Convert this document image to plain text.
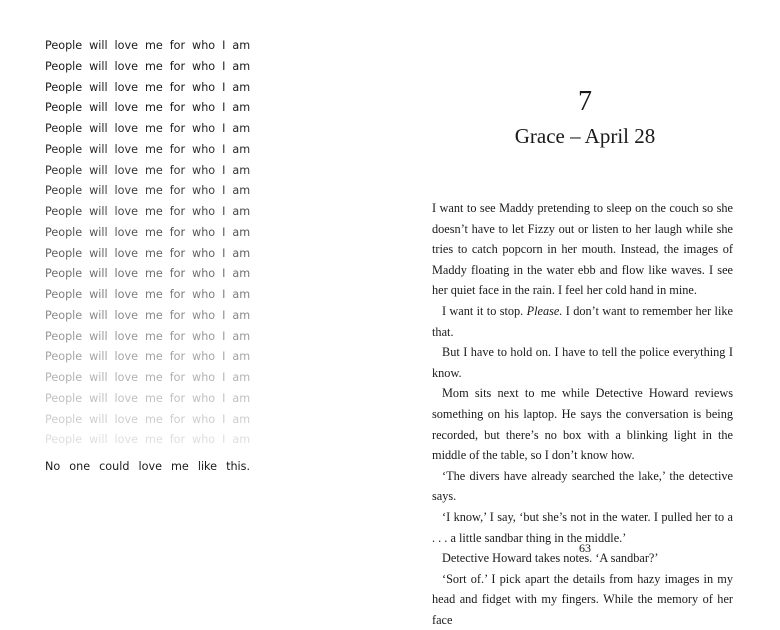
People will love me for who I am
People will love me for who I am
People will love me for who I am
People will love me for who I am
People will love me for who I am
People will love me for who I am
People will love me for who I am
People will love me for who I am
People will love me for who I am
People will love me for who I am
People will love me for who I am
People will love me for who I am
People will love me for who I am
People will love me for who I am
People will love me for who I am
People will love me for who I am
People will love me for who I am
People will love me for who I am
People will love me for who I am
People will love me for who I am

No one could love me like this.

7
Grace – April 28

I want to see Maddy pretending to sleep on the couch so she doesn’t have to let Fizzy out or listen to her laugh while she tries to catch popcorn in her mouth. Instead, the images of Maddy floating in the water ebb and flow like waves. I see her quiet face in the rain. I feel her cold hand in mine.

I want it to stop. Please. I don’t want to remember her like that.

But I have to hold on. I have to tell the police everything I know.

Mom sits next to me while Detective Howard reviews something on his laptop. He says the conversation is being recorded, but there’s no box with a blinking light in the middle of the table, so I don’t know how.

‘The divers have already searched the lake,’ the detective says.

‘I know,’ I say, ‘but she’s not in the water. I pulled her to a . . . a little sandbar thing in the middle.’

Detective Howard takes notes. ‘A sandbar?’

‘Sort of.’ I pick apart the details from hazy images in my head and fidget with my fingers. While the memory of her face

63
